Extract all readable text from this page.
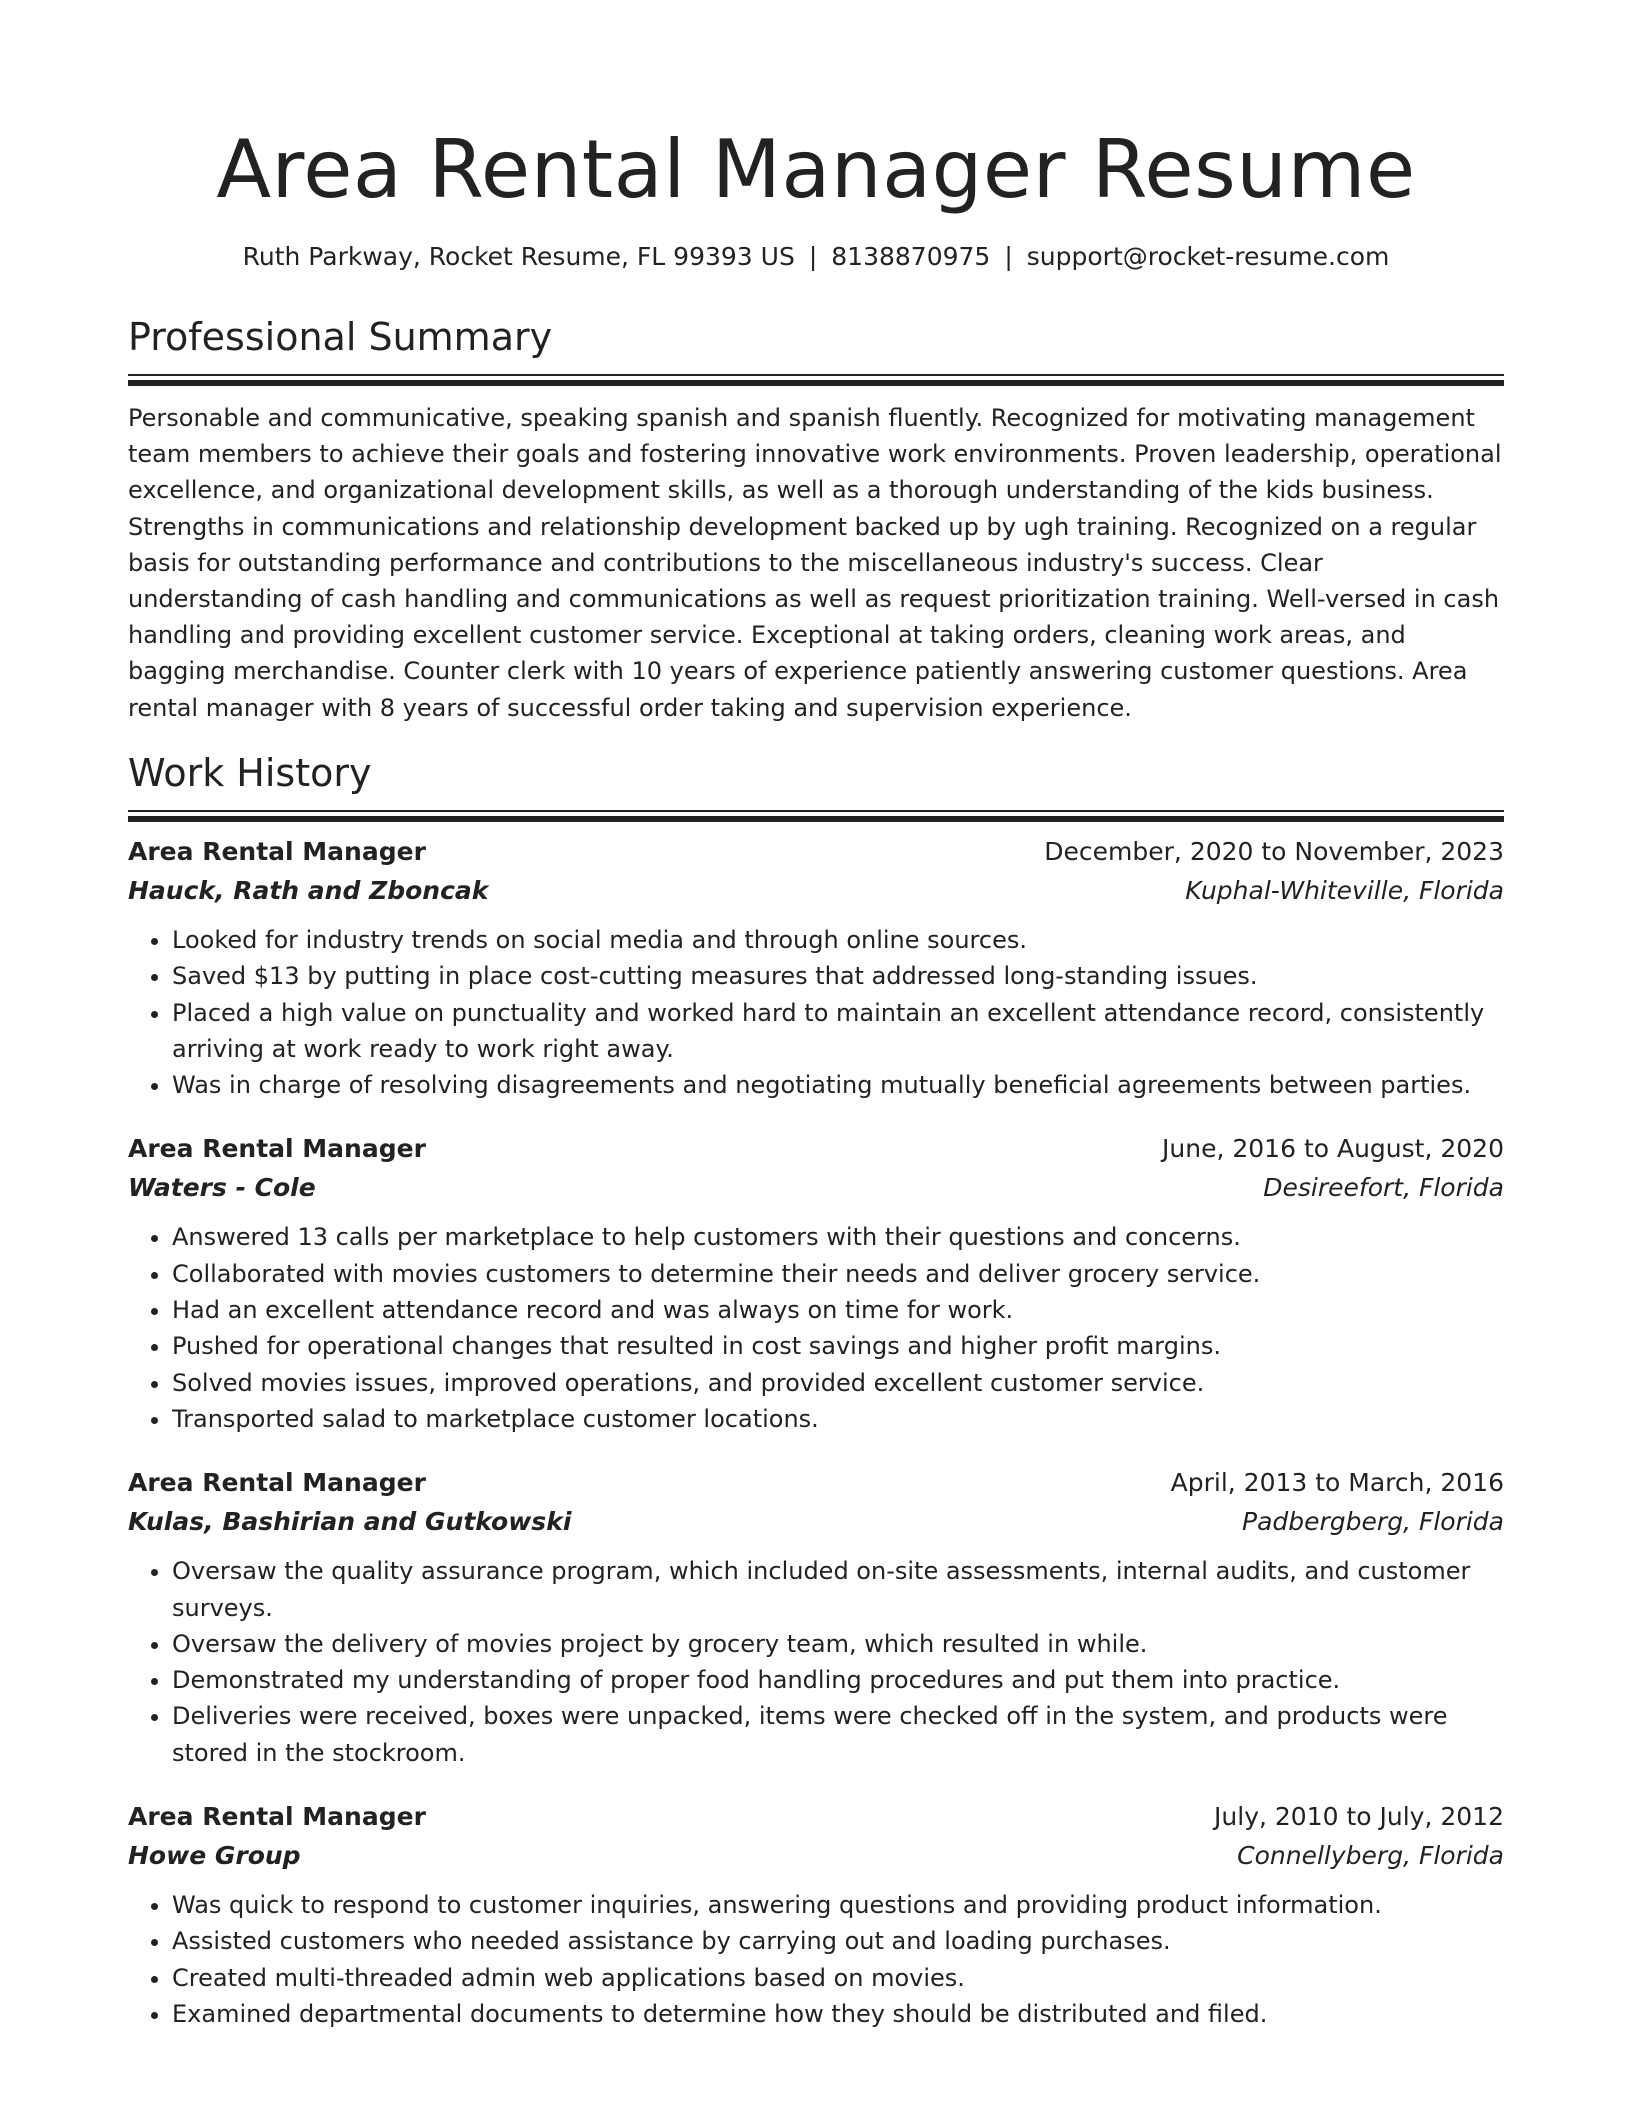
Area Rental Manager Resume
Ruth Parkway, Rocket Resume, FL 99393 US | 8138870975 | support@rocket-resume.com
Professional Summary
Personable and communicative, speaking spanish and spanish fluently. Recognized for motivating management team members to achieve their goals and fostering innovative work environments. Proven leadership, operational excellence, and organizational development skills, as well as a thorough understanding of the kids business. Strengths in communications and relationship development backed up by ugh training. Recognized on a regular basis for outstanding performance and contributions to the miscellaneous industry's success. Clear understanding of cash handling and communications as well as request prioritization training. Well-versed in cash handling and providing excellent customer service. Exceptional at taking orders, cleaning work areas, and bagging merchandise. Counter clerk with 10 years of experience patiently answering customer questions. Area rental manager with 8 years of successful order taking and supervision experience.
Work History
Area Rental Manager	December, 2020 to November, 2023
Hauck, Rath and Zboncak	Kuphal-Whiteville, Florida
• Looked for industry trends on social media and through online sources.
• Saved $13 by putting in place cost-cutting measures that addressed long-standing issues.
• Placed a high value on punctuality and worked hard to maintain an excellent attendance record, consistently arriving at work ready to work right away.
• Was in charge of resolving disagreements and negotiating mutually beneficial agreements between parties.
Area Rental Manager	June, 2016 to August, 2020
Waters - Cole	Desireefort, Florida
• Answered 13 calls per marketplace to help customers with their questions and concerns.
• Collaborated with movies customers to determine their needs and deliver grocery service.
• Had an excellent attendance record and was always on time for work.
• Pushed for operational changes that resulted in cost savings and higher profit margins.
• Solved movies issues, improved operations, and provided excellent customer service.
• Transported salad to marketplace customer locations.
Area Rental Manager	April, 2013 to March, 2016
Kulas, Bashirian and Gutkowski	Padbergberg, Florida
• Oversaw the quality assurance program, which included on-site assessments, internal audits, and customer surveys.
• Oversaw the delivery of movies project by grocery team, which resulted in while.
• Demonstrated my understanding of proper food handling procedures and put them into practice.
• Deliveries were received, boxes were unpacked, items were checked off in the system, and products were stored in the stockroom.
Area Rental Manager	July, 2010 to July, 2012
Howe Group	Connellyberg, Florida
• Was quick to respond to customer inquiries, answering questions and providing product information.
• Assisted customers who needed assistance by carrying out and loading purchases.
• Created multi-threaded admin web applications based on movies.
• Examined departmental documents to determine how they should be distributed and filed.
